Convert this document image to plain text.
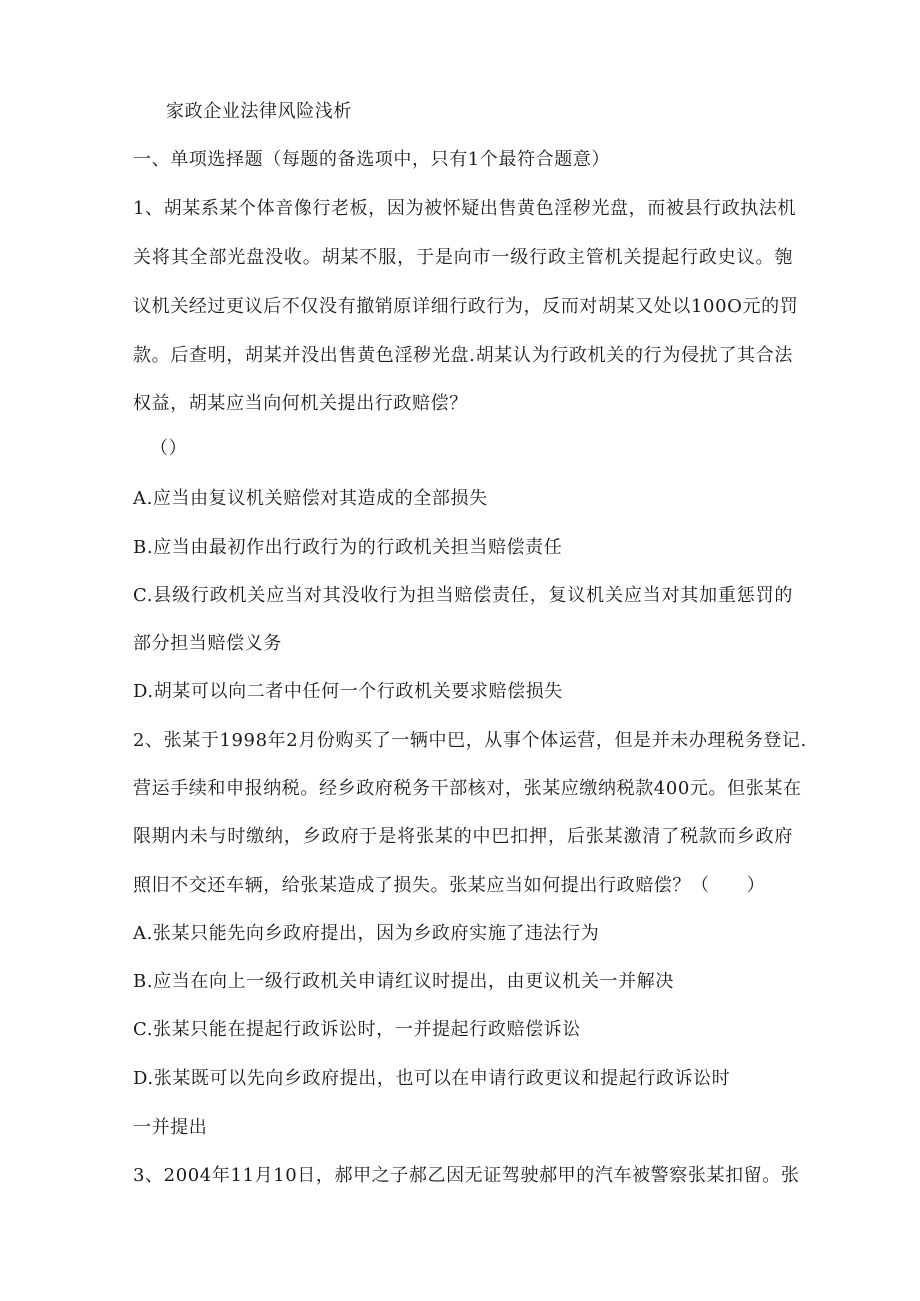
家政企业法律风险浅析
一、单项选择题（每题的备选项中，只有1个最符合题意）
1、胡某系某个体音像行老板，因为被怀疑出售黄色淫秽光盘，而被县行政执法机
关将其全部光盘没收。胡某不服，于是向市一级行政主管机关提起行政史议。匏
议机关经过更议后不仅没有撤销原详细行政行为，反而对胡某又处以100O元的罚
款。后查明，胡某并没出售黄色淫秽光盘.胡某认为行政机关的行为侵扰了其合法
权益，胡某应当向何机关提出行政赔偿？
（）
A.应当由复议机关赔偿对其造成的全部损失
B.应当由最初作出行政行为的行政机关担当赔偿责任
C.县级行政机关应当对其没收行为担当赔偿责任，复议机关应当对其加重惩罚的
部分担当赔偿义务
D.胡某可以向二者中任何一个行政机关要求赔偿损失
2、张某于1998年2月份购买了一辆中巴，从事个体运营，但是并未办理税务登记.
营运手续和申报纳税。经乡政府税务干部核对，张某应缴纳税款400元。但张某在
限期内未与时缴纳，乡政府于是将张某的中巴扣押，后张某激清了税款而乡政府
照旧不交还车辆，给张某造成了损失。张某应当如何提出行政赔偿？（　　）
A.张某只能先向乡政府提出，因为乡政府实施了违法行为
B.应当在向上一级行政机关申请红议时提出，由更议机关一并解决
C.张某只能在提起行政诉讼时，一并提起行政赔偿诉讼
D.张某既可以先向乡政府提出，也可以在申请行政更议和提起行政诉讼时
一并提出
3、2004年11月10日，郝甲之子郝乙因无证驾驶郝甲的汽车被警察张某扣留。张
